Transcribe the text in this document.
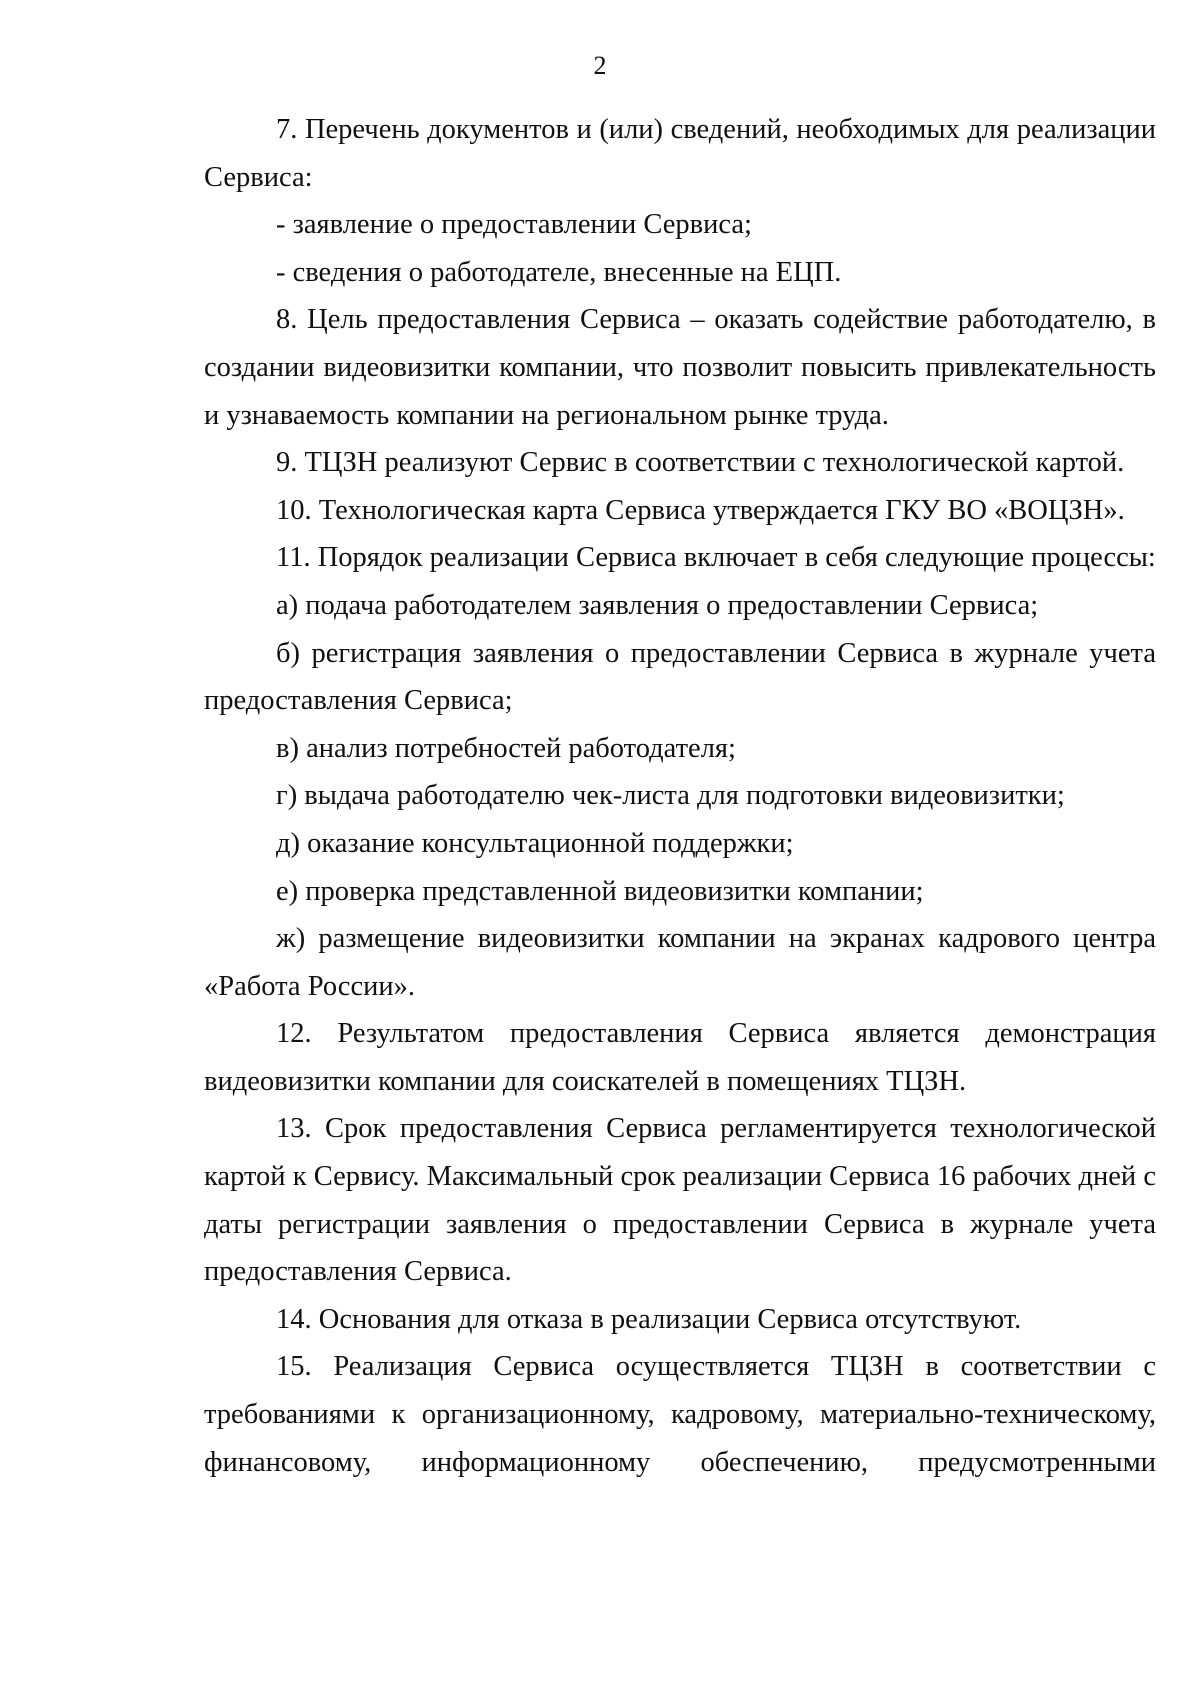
2

7. Перечень документов и (или) сведений, необходимых для реализации Сервиса:

- заявление о предоставлении Сервиса;

- сведения о работодателе, внесенные на ЕЦП.

8. Цель предоставления Сервиса – оказать содействие работодателю, в создании видеовизитки компании, что позволит повысить привлекательность и узнаваемость компании на региональном рынке труда.

9. ТЦЗН реализуют Сервис в соответствии с технологической картой.

10. Технологическая карта Сервиса утверждается ГКУ ВО «ВОЦЗН».

11. Порядок реализации Сервиса включает в себя следующие процессы:

а) подача работодателем заявления о предоставлении Сервиса;

б) регистрация заявления о предоставлении Сервиса в журнале учета предоставления Сервиса;

в) анализ потребностей работодателя;

г) выдача работодателю чек-листа для подготовки видеовизитки;

д) оказание консультационной поддержки;

е) проверка представленной видеовизитки компании;

ж) размещение видеовизитки компании на экранах кадрового центра «Работа России».

12. Результатом предоставления Сервиса является демонстрация видеовизитки компании для соискателей в помещениях ТЦЗН.

13. Срок предоставления Сервиса регламентируется технологической картой к Сервису. Максимальный срок реализации Сервиса 16 рабочих дней с даты регистрации заявления о предоставлении Сервиса в журнале учета предоставления Сервиса.

14. Основания для отказа в реализации Сервиса отсутствуют.

15. Реализация Сервиса осуществляется ТЦЗН в соответствии с требованиями к организационному, кадровому, материально-техническому, финансовому, информационному обеспечению, предусмотренными
